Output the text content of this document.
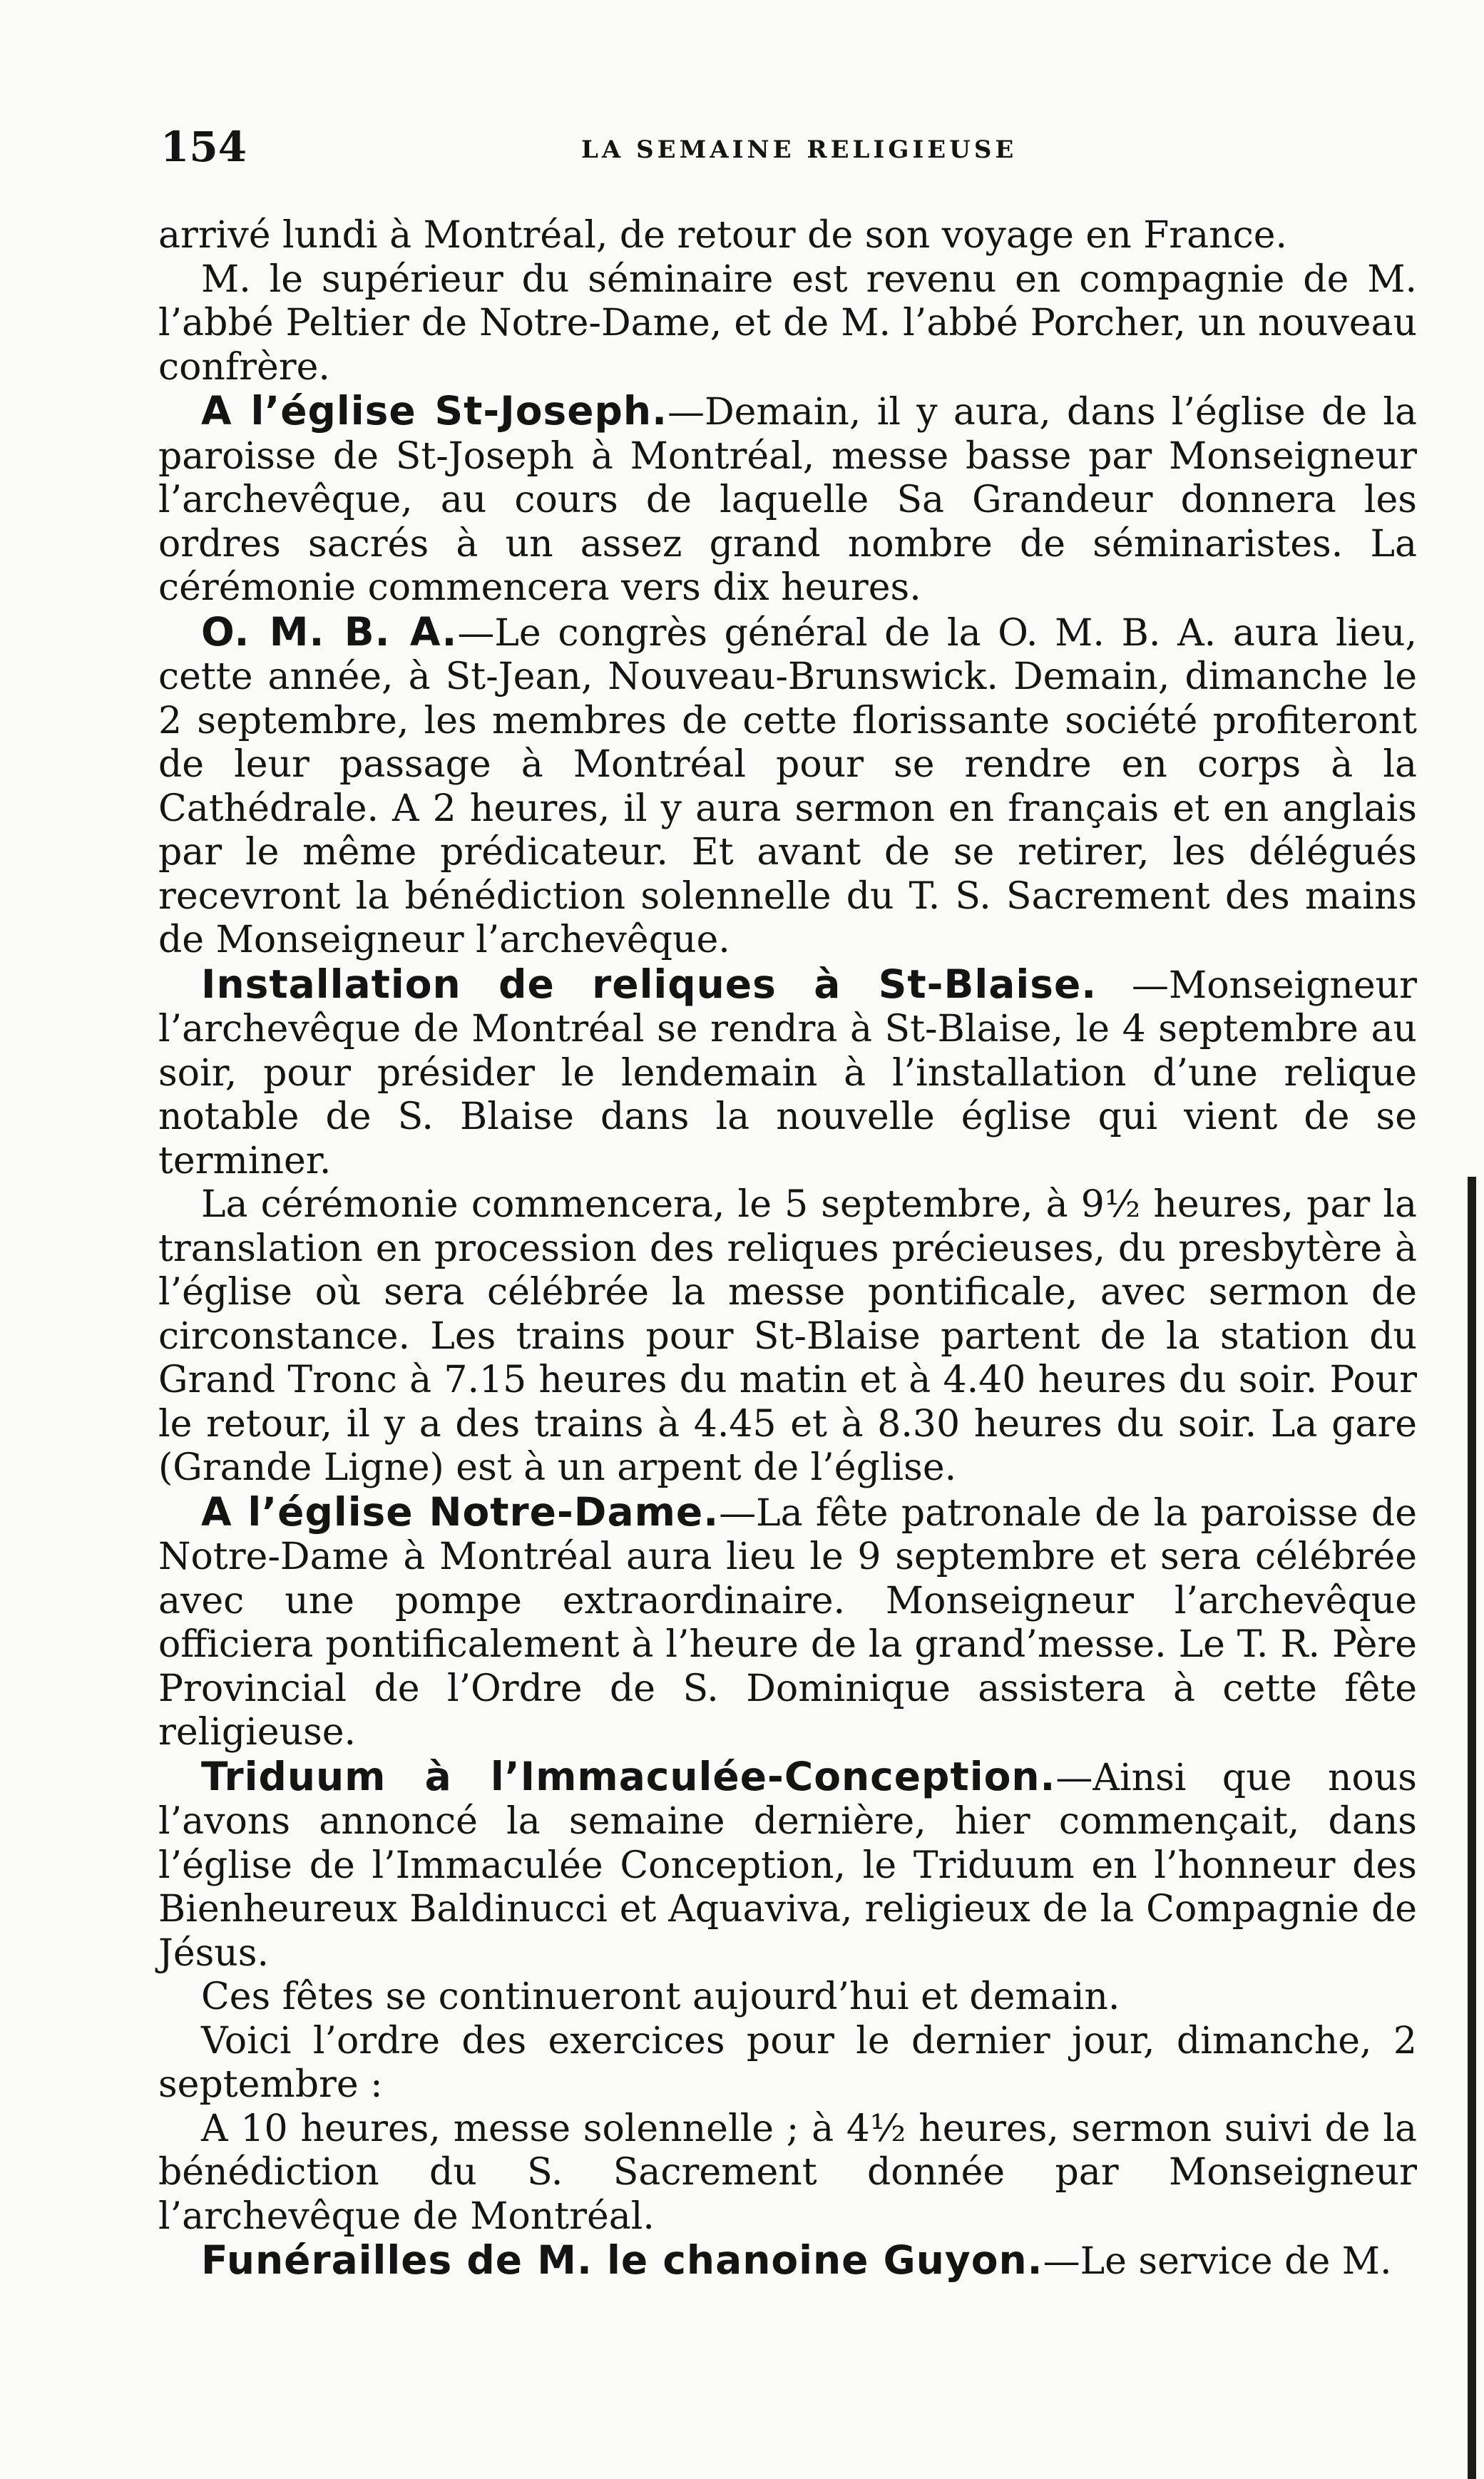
154	LA SEMAINE RELIGIEUSE

arrivé lundi à Montréal, de retour de son voyage en France.

M. le supérieur du séminaire est revenu en compagnie de M. l’abbé Peltier de Notre-Dame, et de M. l’abbé Porcher, un nouveau confrère.

A l’église St-Joseph.—Demain, il y aura, dans l’église de la paroisse de St-Joseph à Montréal, messe basse par Monseigneur l’archevêque, au cours de laquelle Sa Grandeur donnera les ordres sacrés à un assez grand nombre de séminaristes. La cérémonie commencera vers dix heures.

O. M. B. A.—Le congrès général de la O. M. B. A. aura lieu, cette année, à St-Jean, Nouveau-Brunswick. Demain, dimanche le 2 septembre, les membres de cette florissante société profiteront de leur passage à Montréal pour se rendre en corps à la Cathédrale. A 2 heures, il y aura sermon en français et en anglais par le même prédicateur. Et avant de se retirer, les délégués recevront la bénédiction solennelle du T. S. Sacrement des mains de Monseigneur l’archevêque.

Installation de reliques à St-Blaise. —Monseigneur l’archevêque de Montréal se rendra à St-Blaise, le 4 septembre au soir, pour présider le lendemain à l’installation d’une relique notable de S. Blaise dans la nouvelle église qui vient de se terminer.

La cérémonie commencera, le 5 septembre, à 9½ heures, par la translation en procession des reliques précieuses, du presbytère à l’église où sera célébrée la messe pontificale, avec sermon de circonstance. Les trains pour St-Blaise partent de la station du Grand Tronc à 7.15 heures du matin et à 4.40 heures du soir. Pour le retour, il y a des trains à 4.45 et à 8.30 heures du soir. La gare (Grande Ligne) est à un arpent de l’église.

A l’église Notre-Dame.—La fête patronale de la paroisse de Notre-Dame à Montréal aura lieu le 9 septembre et sera célébrée avec une pompe extraordinaire. Monseigneur l’archevêque officiera pontificalement à l’heure de la grand’messe. Le T. R. Père Provincial de l’Ordre de S. Dominique assistera à cette fête religieuse.

Triduum à l’Immaculée-Conception.—Ainsi que nous l’avons annoncé la semaine dernière, hier commençait, dans l’église de l’Immaculée Conception, le Triduum en l’honneur des Bienheureux Baldinucci et Aquaviva, religieux de la Compagnie de Jésus.

Ces fêtes se continueront aujourd’hui et demain.

Voici l’ordre des exercices pour le dernier jour, dimanche, 2 septembre :

A 10 heures, messe solennelle ; à 4½ heures, sermon suivi de la bénédiction du S. Sacrement donnée par Monseigneur l’archevêque de Montréal.

Funérailles de M. le chanoine Guyon.—Le service de M.
